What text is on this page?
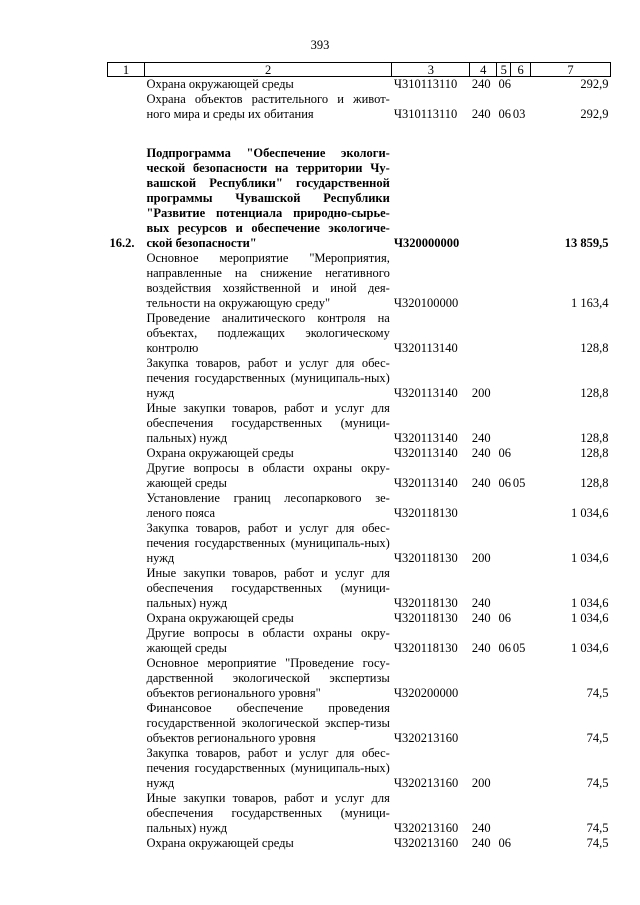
393
1	2	3	4	5	6	7
	Охрана окружающей среды	Ч310113110	240	06		292,9
	Охрана объектов растительного и живот-ного мира и среды их обитания	Ч310113110	240	06	03	292,9

16.2.	Подпрограмма "Обеспечение экологи-ческой безопасности на территории Чу-вашской Республики" государственной программы Чувашской Республики "Развитие потенциала природно-сырье-вых ресурсов и обеспечение экологиче-ской безопасности"	Ч320000000				13 859,5
	Основное мероприятие "Мероприятия, направленные на снижение негативного воздействия хозяйственной и иной дея-тельности на окружающую среду"	Ч320100000				1 163,4
	Проведение аналитического контроля на объектах, подлежащих экологическому контролю	Ч320113140				128,8
	Закупка товаров, работ и услуг для обес-печения государственных (муниципаль-ных) нужд	Ч320113140	200			128,8
	Иные закупки товаров, работ и услуг для обеспечения государственных (муници-пальных) нужд	Ч320113140	240			128,8
	Охрана окружающей среды	Ч320113140	240	06		128,8
	Другие вопросы в области охраны окру-жающей среды	Ч320113140	240	06	05	128,8
	Установление границ лесопаркового зе-леного пояса	Ч320118130				1 034,6
	Закупка товаров, работ и услуг для обес-печения государственных (муниципаль-ных) нужд	Ч320118130	200			1 034,6
	Иные закупки товаров, работ и услуг для обеспечения государственных (муници-пальных) нужд	Ч320118130	240			1 034,6
	Охрана окружающей среды	Ч320118130	240	06		1 034,6
	Другие вопросы в области охраны окру-жающей среды	Ч320118130	240	06	05	1 034,6
	Основное мероприятие "Проведение госу-дарственной экологической экспертизы объектов регионального уровня"	Ч320200000				74,5
	Финансовое обеспечение проведения государственной экологической экспер-тизы объектов регионального уровня	Ч320213160				74,5
	Закупка товаров, работ и услуг для обес-печения государственных (муниципаль-ных) нужд	Ч320213160	200			74,5
	Иные закупки товаров, работ и услуг для обеспечения государственных (муници-пальных) нужд	Ч320213160	240			74,5
	Охрана окружающей среды	Ч320213160	240	06		74,5
